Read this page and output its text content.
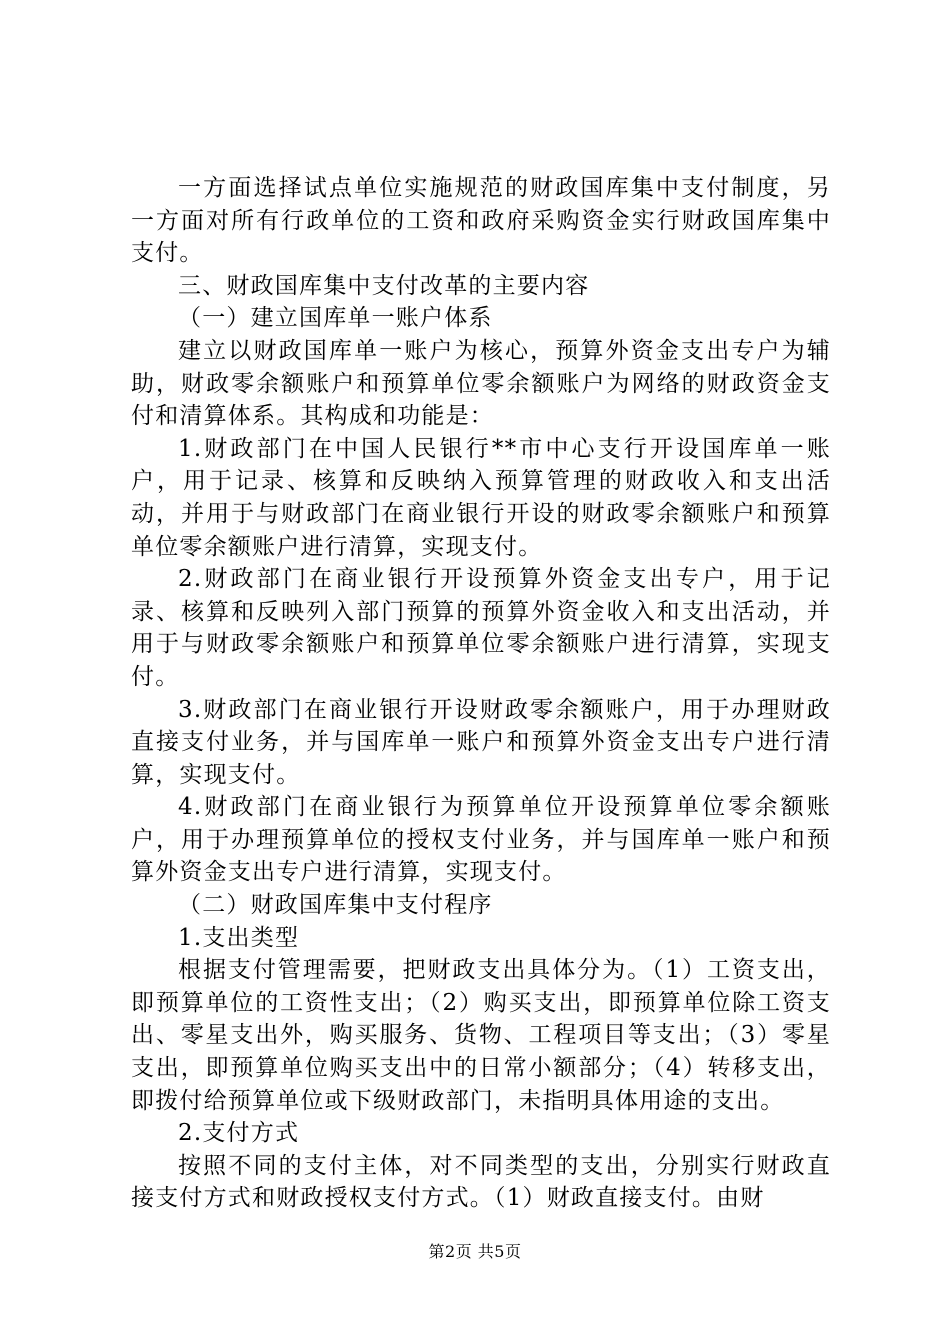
一方面选择试点单位实施规范的财政国库集中支付制度，另一方面对所有行政单位的工资和政府采购资金实行财政国库集中支付。

三、财政国库集中支付改革的主要内容

（一）建立国库单一账户体系

建立以财政国库单一账户为核心，预算外资金支出专户为辅助，财政零余额账户和预算单位零余额账户为网络的财政资金支付和清算体系。其构成和功能是：

1.财政部门在中国人民银行**市中心支行开设国库单一账户，用于记录、核算和反映纳入预算管理的财政收入和支出活动，并用于与财政部门在商业银行开设的财政零余额账户和预算单位零余额账户进行清算，实现支付。

2.财政部门在商业银行开设预算外资金支出专户，用于记录、核算和反映列入部门预算的预算外资金收入和支出活动，并用于与财政零余额账户和预算单位零余额账户进行清算，实现支付。

3.财政部门在商业银行开设财政零余额账户，用于办理财政直接支付业务，并与国库单一账户和预算外资金支出专户进行清算，实现支付。

4.财政部门在商业银行为预算单位开设预算单位零余额账户，用于办理预算单位的授权支付业务，并与国库单一账户和预算外资金支出专户进行清算，实现支付。

（二）财政国库集中支付程序

1.支出类型

根据支付管理需要，把财政支出具体分为。（1）工资支出，即预算单位的工资性支出；（2）购买支出，即预算单位除工资支出、零星支出外，购买服务、货物、工程项目等支出；（3）零星支出，即预算单位购买支出中的日常小额部分；（4）转移支出，即拨付给预算单位或下级财政部门，未指明具体用途的支出。

2.支付方式

按照不同的支付主体，对不同类型的支出，分别实行财政直接支付方式和财政授权支付方式。（1）财政直接支付。由财

第2页 共5页
